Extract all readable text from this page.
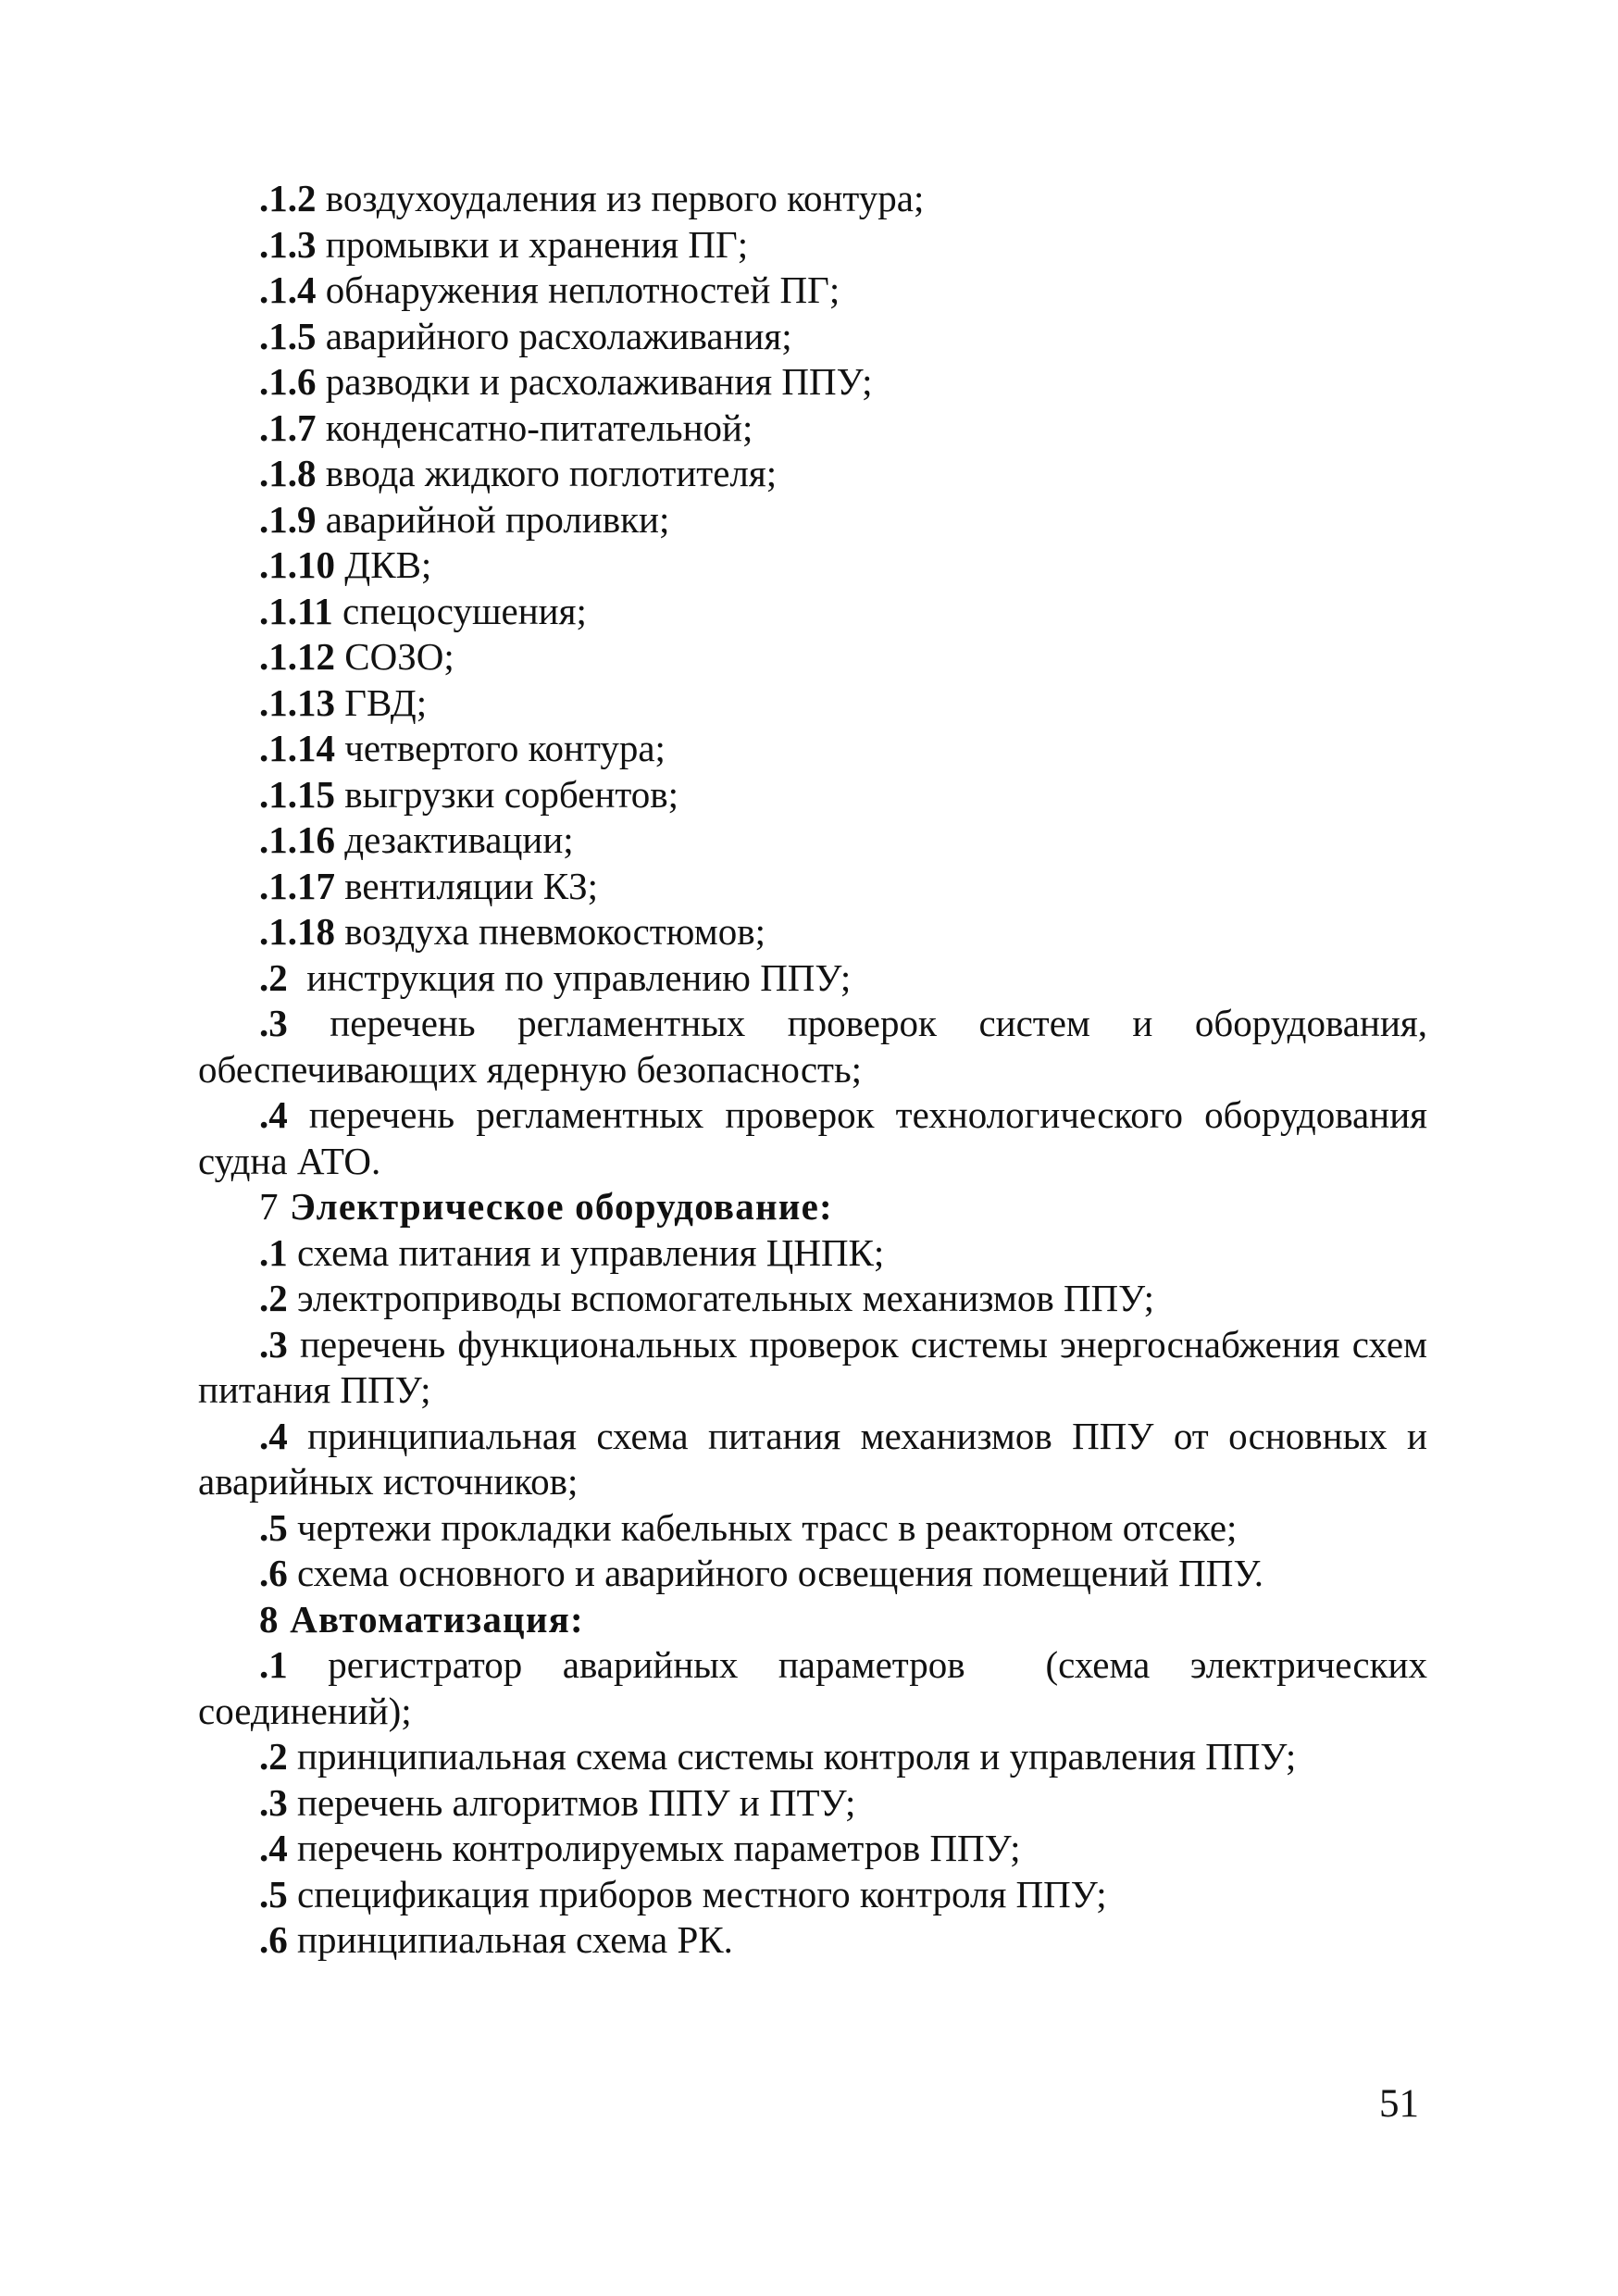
.1.2 воздухоудаления из первого контура;

.1.3 промывки и хранения ПГ;

.1.4 обнаружения неплотностей ПГ;

.1.5 аварийного расхолаживания;

.1.6 разводки и расхолаживания ППУ;

.1.7 конденсатно-питательной;

.1.8 ввода жидкого поглотителя;

.1.9 аварийной проливки;

.1.10 ДКВ;

.1.11 спецосушения;

.1.12 СОЗО;

.1.13 ГВД;

.1.14 четвертого контура;

.1.15 выгрузки сорбентов;

.1.16 дезактивации;

.1.17 вентиляции КЗ;

.1.18 воздуха пневмокостюмов;

.2  инструкция по управлению ППУ;

.3 перечень регламентных проверок систем и оборудования, обеспечивающих ядерную безопасность;

.4 перечень регламентных проверок технологического оборудования судна АТО.

7 Электрическое оборудование:

.1 схема питания и управления ЦНПК;

.2 электроприводы вспомогательных механизмов ППУ;

.3 перечень функциональных проверок системы энергоснабжения схем питания ППУ;

.4 принципиальная схема питания механизмов ППУ от основных и аварийных источников;

.5 чертежи прокладки кабельных трасс в реакторном отсеке;

.6 схема основного и аварийного освещения помещений ППУ.

8 Автоматизация:

.1 регистратор аварийных параметров  (схема электрических соединений);

.2 принципиальная схема системы контроля и управления ППУ;

.3 перечень алгоритмов ППУ и ПТУ;

.4 перечень контролируемых параметров ППУ;

.5 спецификация приборов местного контроля ППУ;

.6 принципиальная схема РК.

51
